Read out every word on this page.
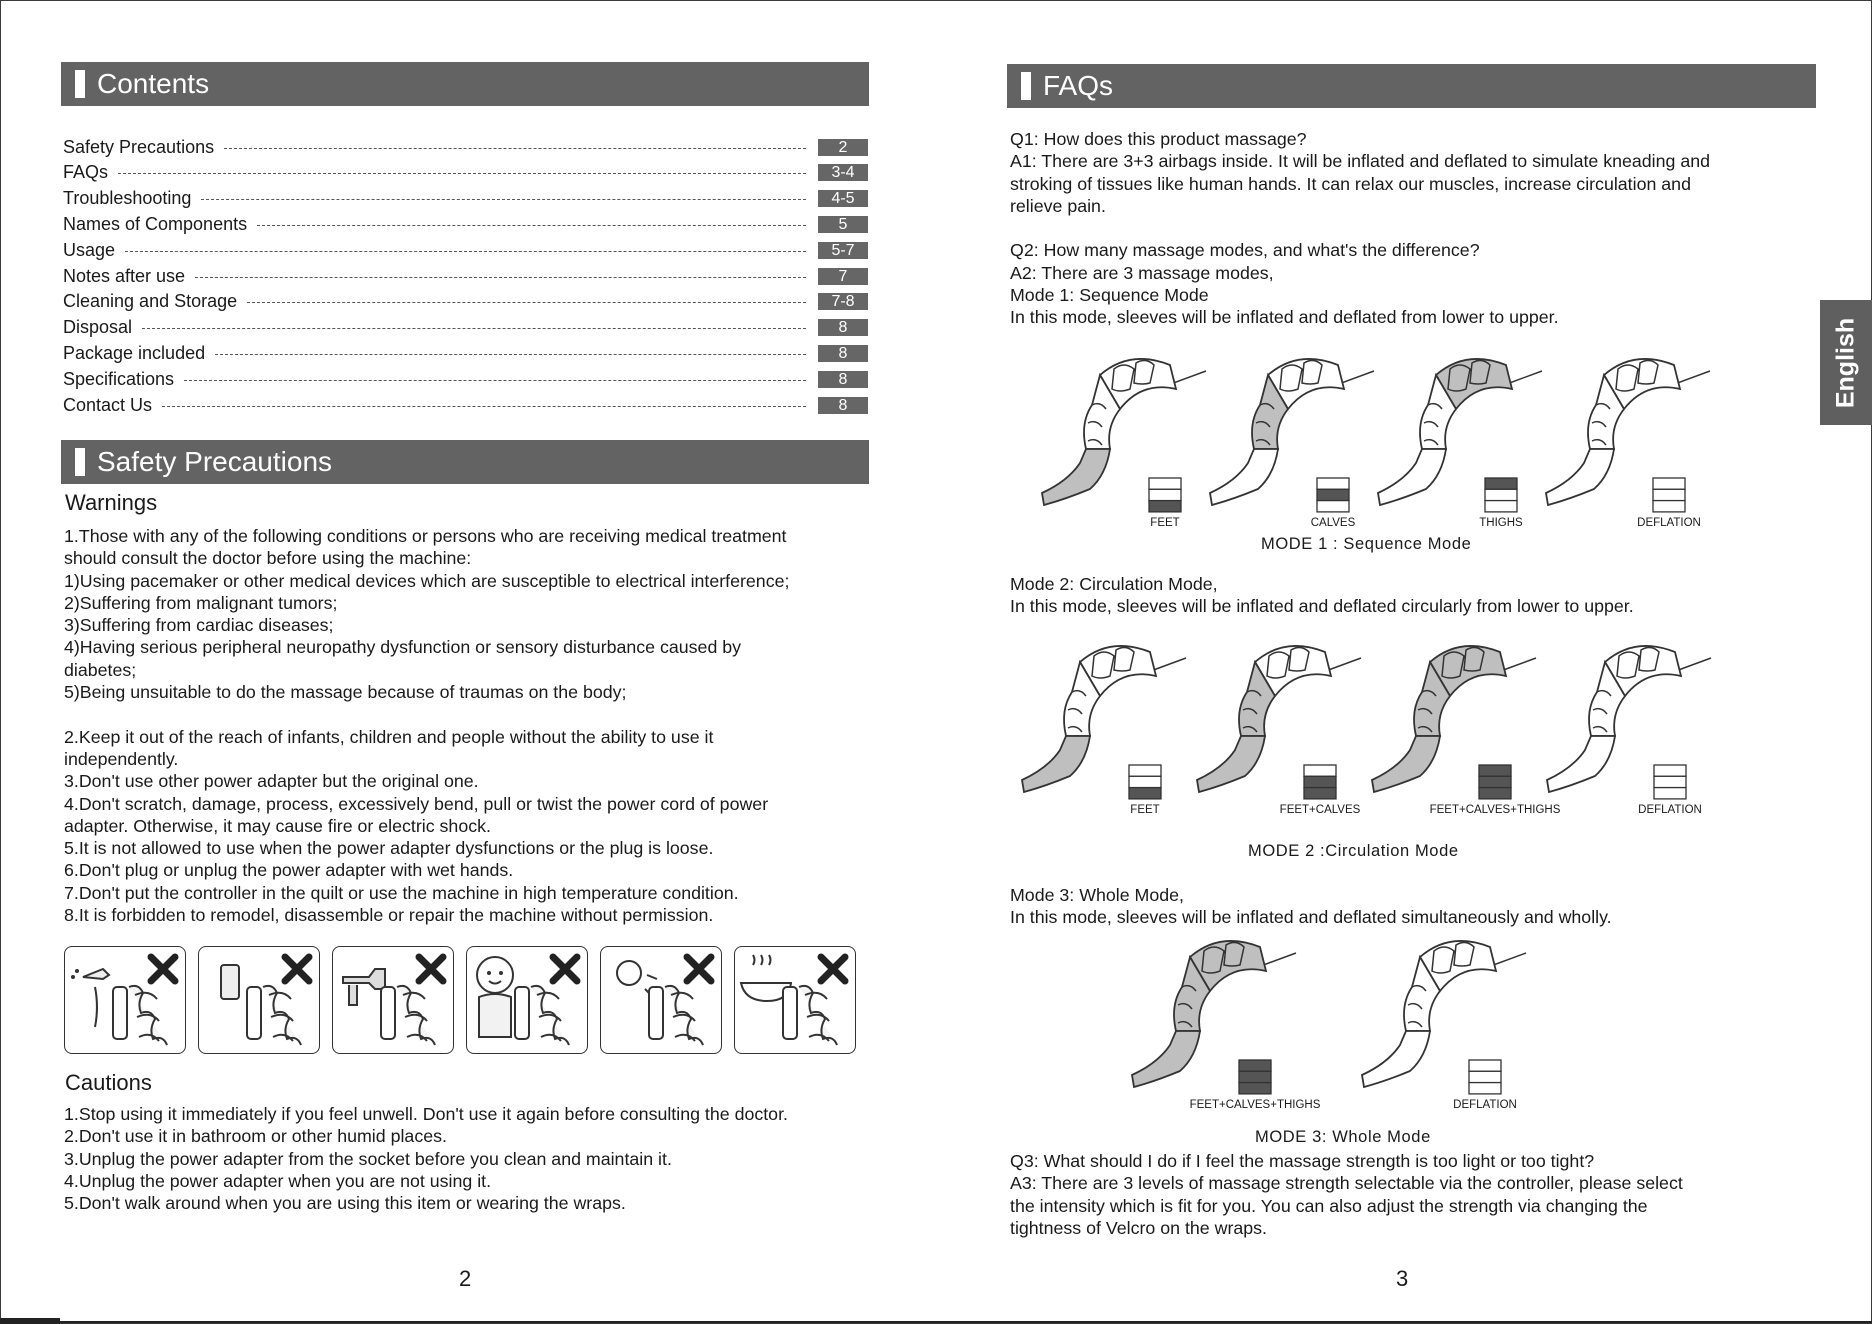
Contents
Safety Precautions	2
FAQs	3-4
Troubleshooting	4-5
Names of Components	5
Usage	5-7
Notes after use	7
Cleaning and Storage	7-8
Disposal	8
Package included	8
Specifications	8
Contact Us	8
Safety Precautions
Warnings
1.Those with any of the following conditions or persons who are receiving medical treatment
should consult the doctor before using the machine:
1)Using pacemaker or other medical devices which are susceptible to electrical interference;
2)Suffering from malignant tumors;
3)Suffering from cardiac diseases;
4)Having serious peripheral neuropathy dysfunction or sensory disturbance caused by
diabetes;
5)Being unsuitable to do the massage because of traumas on the body;
2.Keep it out of the reach of infants, children and people without the ability to use it
independently.
3.Don't use other power adapter but the original one.
4.Don't scratch, damage, process, excessively bend, pull or twist the power cord of power
adapter. Otherwise, it may cause fire or electric shock.
5.It is not allowed to use when the power adapter dysfunctions or the plug is loose.
6.Don't plug or unplug the power adapter with wet hands.
7.Don't put the controller in the quilt or use the machine in high temperature condition.
8.It is forbidden to remodel, disassemble or repair the machine without permission.
Cautions
1.Stop using it immediately if you feel unwell. Don't use it again before consulting the doctor.
2.Don't use it in bathroom or other humid places.
3.Unplug the power adapter from the socket before you clean and maintain it.
4.Unplug the power adapter when you are not using it.
5.Don't walk around when you are using this item or wearing the wraps.
2
FAQs
Q1: How does this product massage?
A1: There are 3+3 airbags inside. It will be inflated and deflated to simulate kneading and
stroking of tissues like human hands. It can relax our muscles, increase circulation and
relieve pain.
Q2: How many massage modes, and what's the difference?
A2: There are 3 massage modes,
Mode 1: Sequence Mode
In this mode, sleeves will be inflated and deflated from lower to upper.
FEET	CALVES	THIGHS	DEFLATION
MODE 1 : Sequence Mode
Mode 2: Circulation Mode,
In this mode, sleeves will be inflated and deflated circularly from lower to upper.
FEET	FEET+CALVES	FEET+CALVES+THIGHS	DEFLATION
MODE 2 :Circulation Mode
Mode 3: Whole Mode,
In this mode, sleeves will be inflated and deflated simultaneously and wholly.
FEET+CALVES+THIGHS	DEFLATION
MODE 3: Whole Mode
Q3: What should I do if I feel the massage strength is too light or too tight?
A3: There are 3 levels of massage strength selectable via the controller, please select
the intensity which is fit for you. You can also adjust the strength via changing the
tightness of Velcro on the wraps.
3
English
